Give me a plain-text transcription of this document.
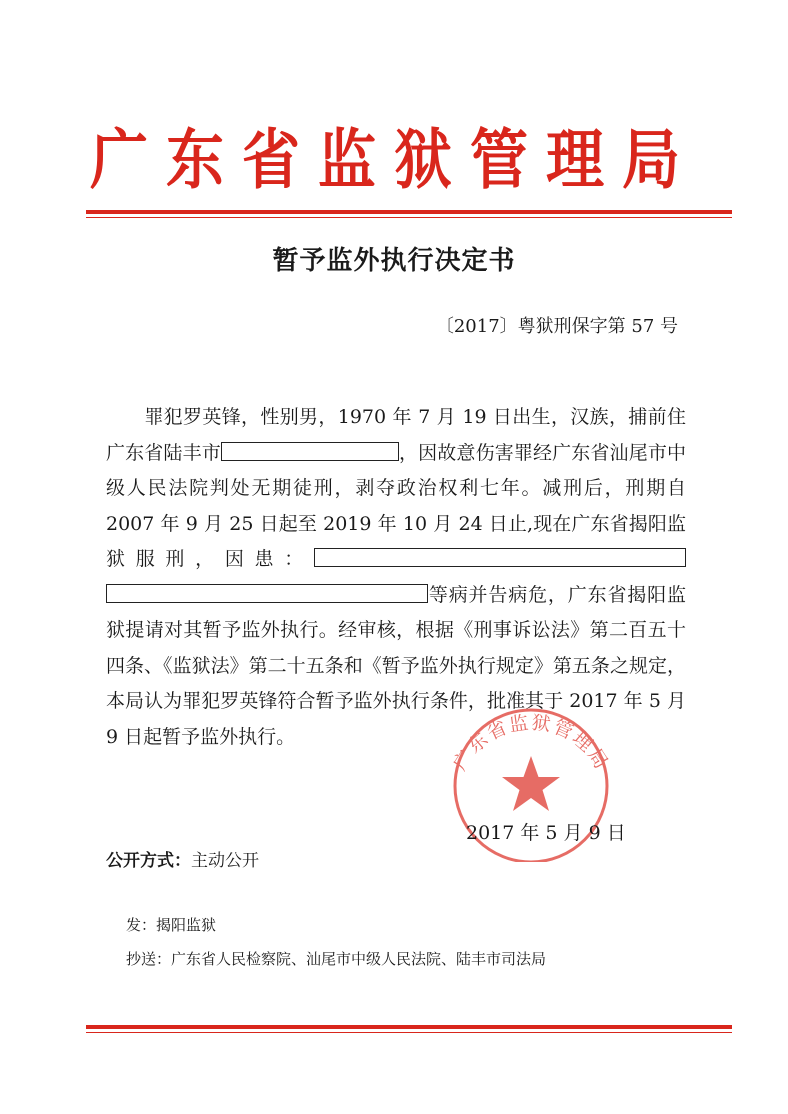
广东省监狱管理局
暂予监外执行决定书
〔2017〕粤狱刑保字第 57 号
罪犯罗英锋，性别男，1970 年 7 月 19 日出生，汉族，捕前住广东省陆丰市	，因故意伤害罪经广东省汕尾市中级人民法院判处无期徒刑，剥夺政治权利七年。减刑后，刑期自 2007 年 9 月 25 日起至 2019 年 10 月 24 日止,现在广东省揭阳监狱服刑，因患：等病并告病危，广东省揭阳监狱提请对其暂予监外执行。经审核，根据《刑事诉讼法》第二百五十四条、《监狱法》第二十五条和《暂予监外执行规定》第五条之规定，本局认为罪犯罗英锋符合暂予监外执行条件，批准其于 2017 年 5 月 9 日起暂予监外执行。
广东省监狱管理局
2017 年 5 月 9 日
公开方式：主动公开
发：揭阳监狱
抄送：广东省人民检察院、汕尾市中级人民法院、陆丰市司法局
